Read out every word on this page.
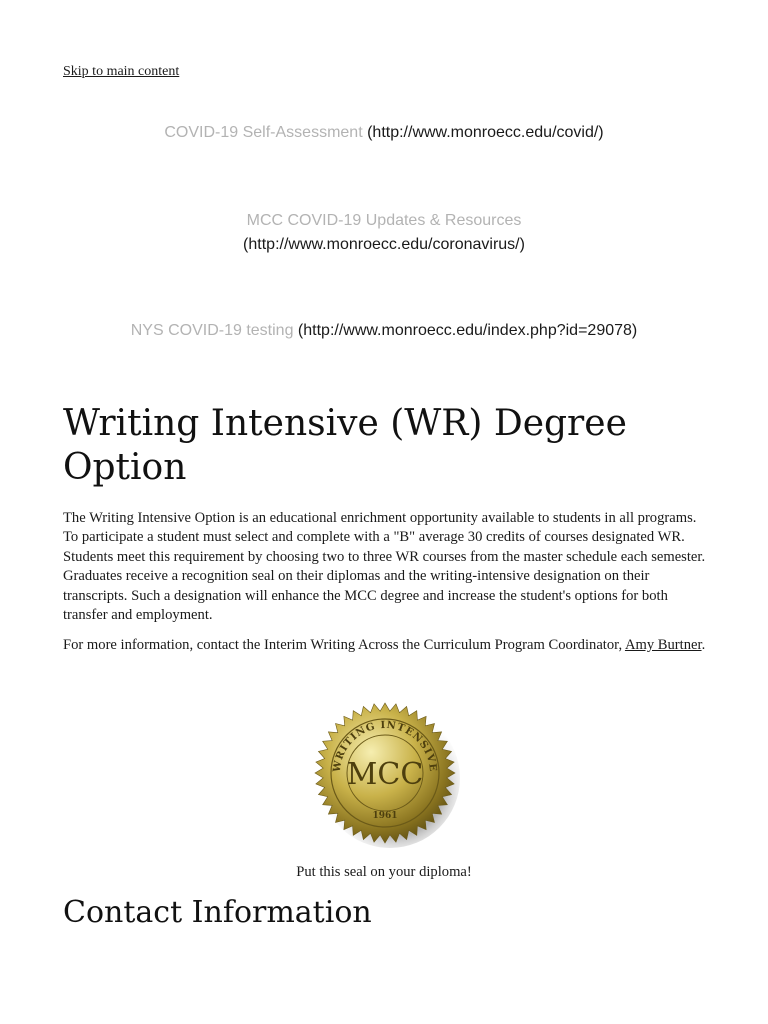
Skip to main content
COVID-19 Self-Assessment (http://www.monroecc.edu/covid/)
MCC COVID-19 Updates & Resources
(http://www.monroecc.edu/coronavirus/)
NYS COVID-19 testing (http://www.monroecc.edu/index.php?id=29078)
Writing Intensive (WR) Degree Option

The Writing Intensive Option is an educational enrichment opportunity available to students in all programs. To participate a student must select and complete with a "B" average 30 credits of courses designated WR. Students meet this requirement by choosing two to three WR courses from the master schedule each semester. Graduates receive a recognition seal on their diplomas and the writing-intensive designation on their transcripts. Such a designation will enhance the MCC degree and increase the student's options for both transfer and employment.

For more information, contact the Interim Writing Across the Curriculum Program Coordinator, Amy Burtner.

WRITING INTENSIVE
MCC
1961
Put this seal on your diploma!
Contact Information
